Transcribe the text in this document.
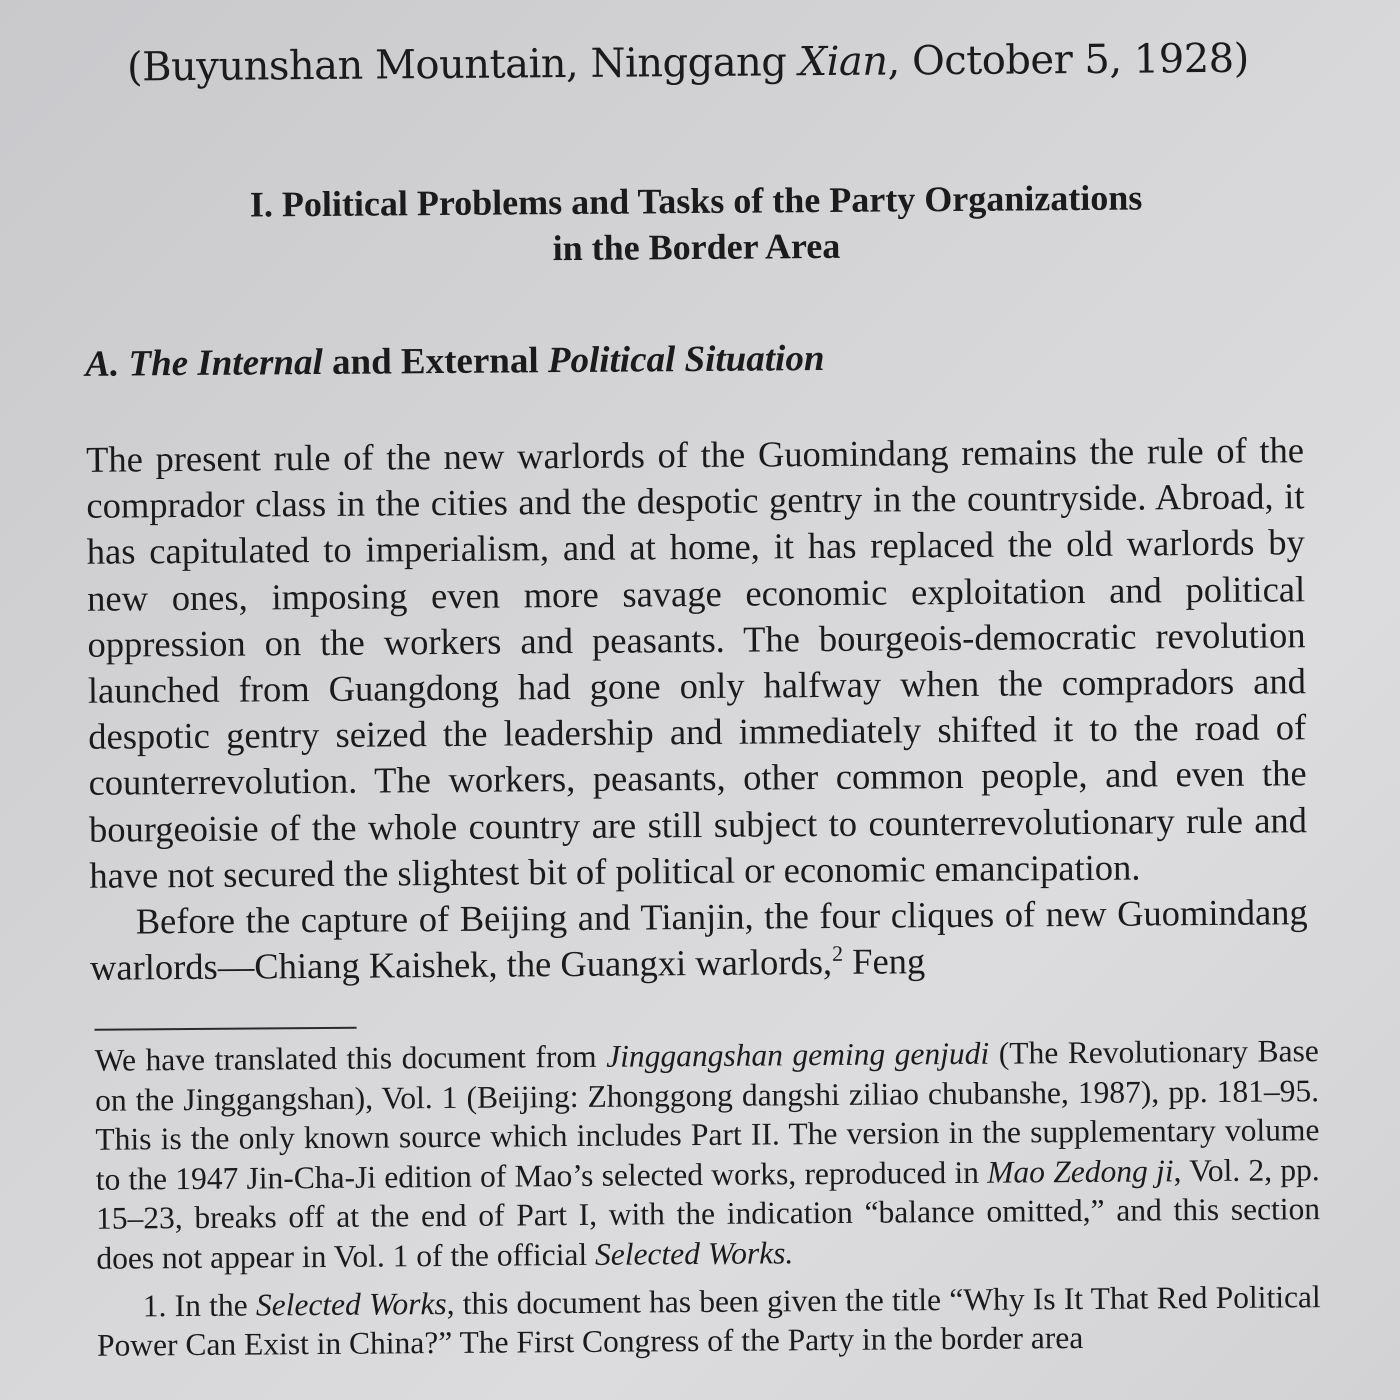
(Buyunshan Mountain, Ninggang Xian, October 5, 1928)
I. Political Problems and Tasks of the Party Organizations
in the Border Area
A. The Internal and External Political Situation

The present rule of the new warlords of the Guomindang remains the rule of the comprador class in the cities and the despotic gentry in the countryside. Abroad, it has capitulated to imperialism, and at home, it has replaced the old warlords by new ones, imposing even more savage economic exploitation and political oppression on the workers and peasants. The bourgeois-democratic revolution launched from Guangdong had gone only halfway when the compradors and despotic gentry seized the leadership and immediately shifted it to the road of counterrevolution. The workers, peasants, other common people, and even the bourgeoisie of the whole country are still subject to counterrevolutionary rule and have not secured the slightest bit of political or economic emancipation.

Before the capture of Beijing and Tianjin, the four cliques of new Guomindang warlords—Chiang Kaishek, the Guangxi warlords,$^2$ Feng

We have translated this document from Jinggangshan geming genjudi (The Revolutionary Base on the Jinggangshan), Vol. 1 (Beijing: Zhonggong dangshi ziliao chubanshe, 1987), pp. 181–95. This is the only known source which includes Part II. The version in the supplementary volume to the 1947 Jin-Cha-Ji edition of Mao’s selected works, reproduced in Mao Zedong ji, Vol. 2, pp. 15–23, breaks off at the end of Part I, with the indication “balance omitted,” and this section does not appear in Vol. 1 of the official Selected Works.

1. In the Selected Works, this document has been given the title “Why Is It That Red Political Power Can Exist in China?” The First Congress of the Party in the border area
